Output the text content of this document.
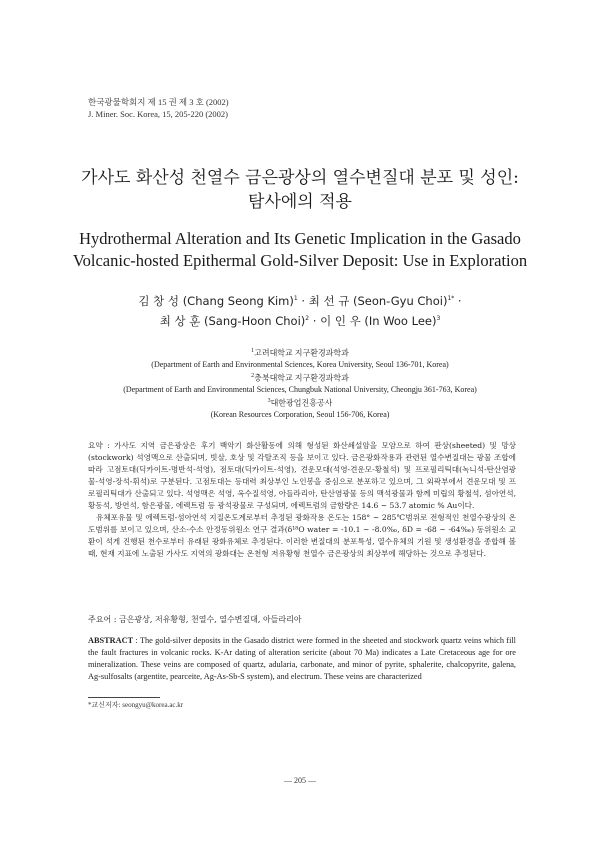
한국광물학회지 제 15 권 제 3 호 (2002)
J. Miner. Soc. Korea, 15, 205-220 (2002)
가사도 화산성 천열수 금은광상의 열수변질대 분포 및 성인:
탐사에의 적용
Hydrothermal Alteration and Its Genetic Implication in the Gasado
Volcanic-hosted Epithermal Gold-Silver Deposit: Use in Exploration
김 창 성 (Chang Seong Kim)$^1$ · 최 선 규 (Seon-Gyu Choi)$^{1*}$ ·
최 상 훈 (Sang-Hoon Choi)$^2$ · 이 인 우 (In Woo Lee)$^3$
$^1$고려대학교 지구환경과학과
(Department of Earth and Environmental Sciences, Korea University, Seoul 136-701, Korea)
$^2$충북대학교 지구환경과학과
(Department of Earth and Environmental Sciences, Chungbuk National University, Cheongju 361-763, Korea)
$^3$대한광업진흥공사
(Korean Resources Corporation, Seoul 156-706, Korea)

요약 : 가사도 지역 금은광상은 후기 백악기 화산활동에 의해 형성된 화산쇄설암을 모암으로 하여 판상(sheeted) 및 망상(stockwork) 석영맥으로 산출되며, 빗살, 호상 및 각탈조직 등을 보이고 있다. 금은광화작용과 관련된 열수변질대는 광물 조합에 따라 고점토대(딕카이트-명반석-석영), 점토대(딕카이트-석영), 견운모대(석영-견운모-황철석) 및 프로필리틱대(녹니석-탄산염광물-석영-장석-휘석)로 구분된다. 고점토대는 등대력 최상부인 노인봉을 중심으로 분포하고 있으며, 그 외곽부에서 견운모대 및 프로필리틱대가 산출되고 있다. 석영맥은 석영, 옥수질석영, 아들라리아, 탄산염광물 등의 맥석광물과 함께 미립의 황철석, 섬아연석, 황동석, 방연석, 함은광물, 에렉트럼 등 광석광물로 구성되며, 에렉트럼의 금함량은 14.6 ~ 53.7 atomic % Au이다.

유체포유물 및 에렉트럼-섬아연석 지질온도계로부터 추정된 광화작용 온도는 158° ~ 285℃범위로 전형적인 천열수광상의 온도범위를 보이고 있으며, 산소-수소 안정동위원소 연구 결과(δ¹⁸O water = -10.1 ~ -8.0‰, δD = -68 ~ -64‰) 동위원소 교환이 석게 진행된 천수로부터 유래된 광화유체로 추정된다. 이러한 변질대의 분포특성, 열수유체의 기원 및 생성환경을 종합해 볼 때, 현재 지표에 노출된 가사도 지역의 광화대는 온천형 저유황형 천열수 금은광상의 최상부에 해당하는 것으로 추정된다.

주요어 : 금은광상, 저유황형, 천열수, 열수변질대, 아들라리아
ABSTRACT : The gold-silver deposits in the Gasado district were formed in the sheeted and stockwork quartz veins which fill the fault fractures in volcanic rocks. K-Ar dating of alteration sericite (about 70 Ma) indicates a Late Cretaceous age for ore mineralization. These veins are composed of quartz, adularia, carbonate, and minor of pyrite, sphalerite, chalcopyrite, galena, Ag-sulfosalts (argentite, pearceite, Ag-As-Sb-S system), and electrum. These veins are characterized
*교신저자: seongyu@korea.ac.kr
— 205 —
